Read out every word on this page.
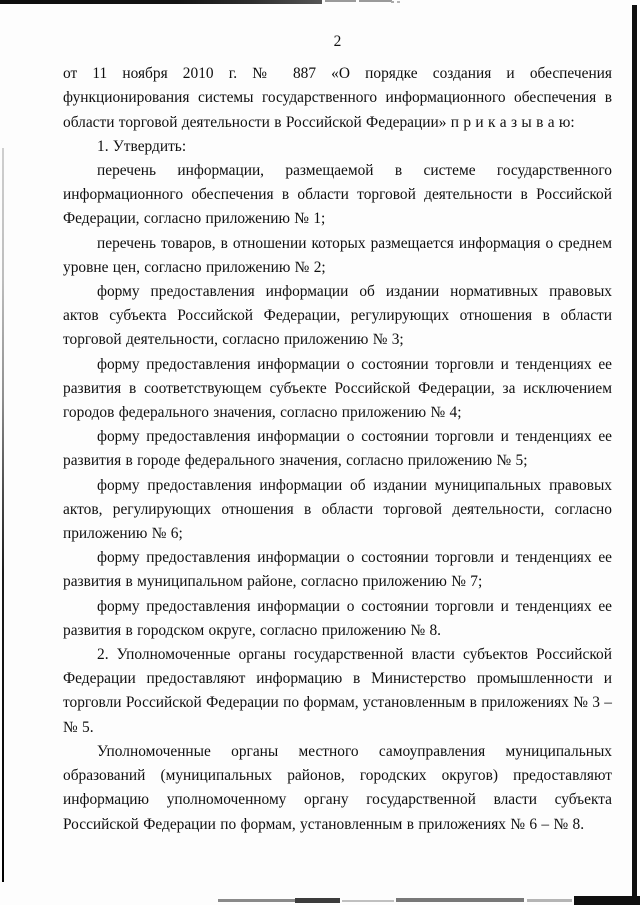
2

от 11 ноября 2010 г. № 887 «О порядке создания и обеспечения функционирования системы государственного информационного обеспечения в области торговой деятельности в Российской Федерации» п р и к а з ы в а ю:

1. Утвердить:

перечень информации, размещаемой в системе государственного информационного обеспечения в области торговой деятельности в Российской Федерации, согласно приложению № 1;

перечень товаров, в отношении которых размещается информация о среднем уровне цен, согласно приложению № 2;

форму предоставления информации об издании нормативных правовых актов субъекта Российской Федерации, регулирующих отношения в области торговой деятельности, согласно приложению № 3;

форму предоставления информации о состоянии торговли и тенденциях ее развития в соответствующем субъекте Российской Федерации, за исключением городов федерального значения, согласно приложению № 4;

форму предоставления информации о состоянии торговли и тенденциях ее развития в городе федерального значения, согласно приложению № 5;

форму предоставления информации об издании муниципальных правовых актов, регулирующих отношения в области торговой деятельности, согласно приложению № 6;

форму предоставления информации о состоянии торговли и тенденциях ее развития в муниципальном районе, согласно приложению № 7;

форму предоставления информации о состоянии торговли и тенденциях ее развития в городском округе, согласно приложению № 8.

2. Уполномоченные органы государственной власти субъектов Российской Федерации предоставляют информацию в Министерство промышленности и торговли Российской Федерации по формам, установленным в приложениях № 3 – № 5.

Уполномоченные органы местного самоуправления муниципальных образований (муниципальных районов, городских округов) предоставляют информацию уполномоченному органу государственной власти субъекта Российской Федерации по формам, установленным в приложениях № 6 – № 8.
